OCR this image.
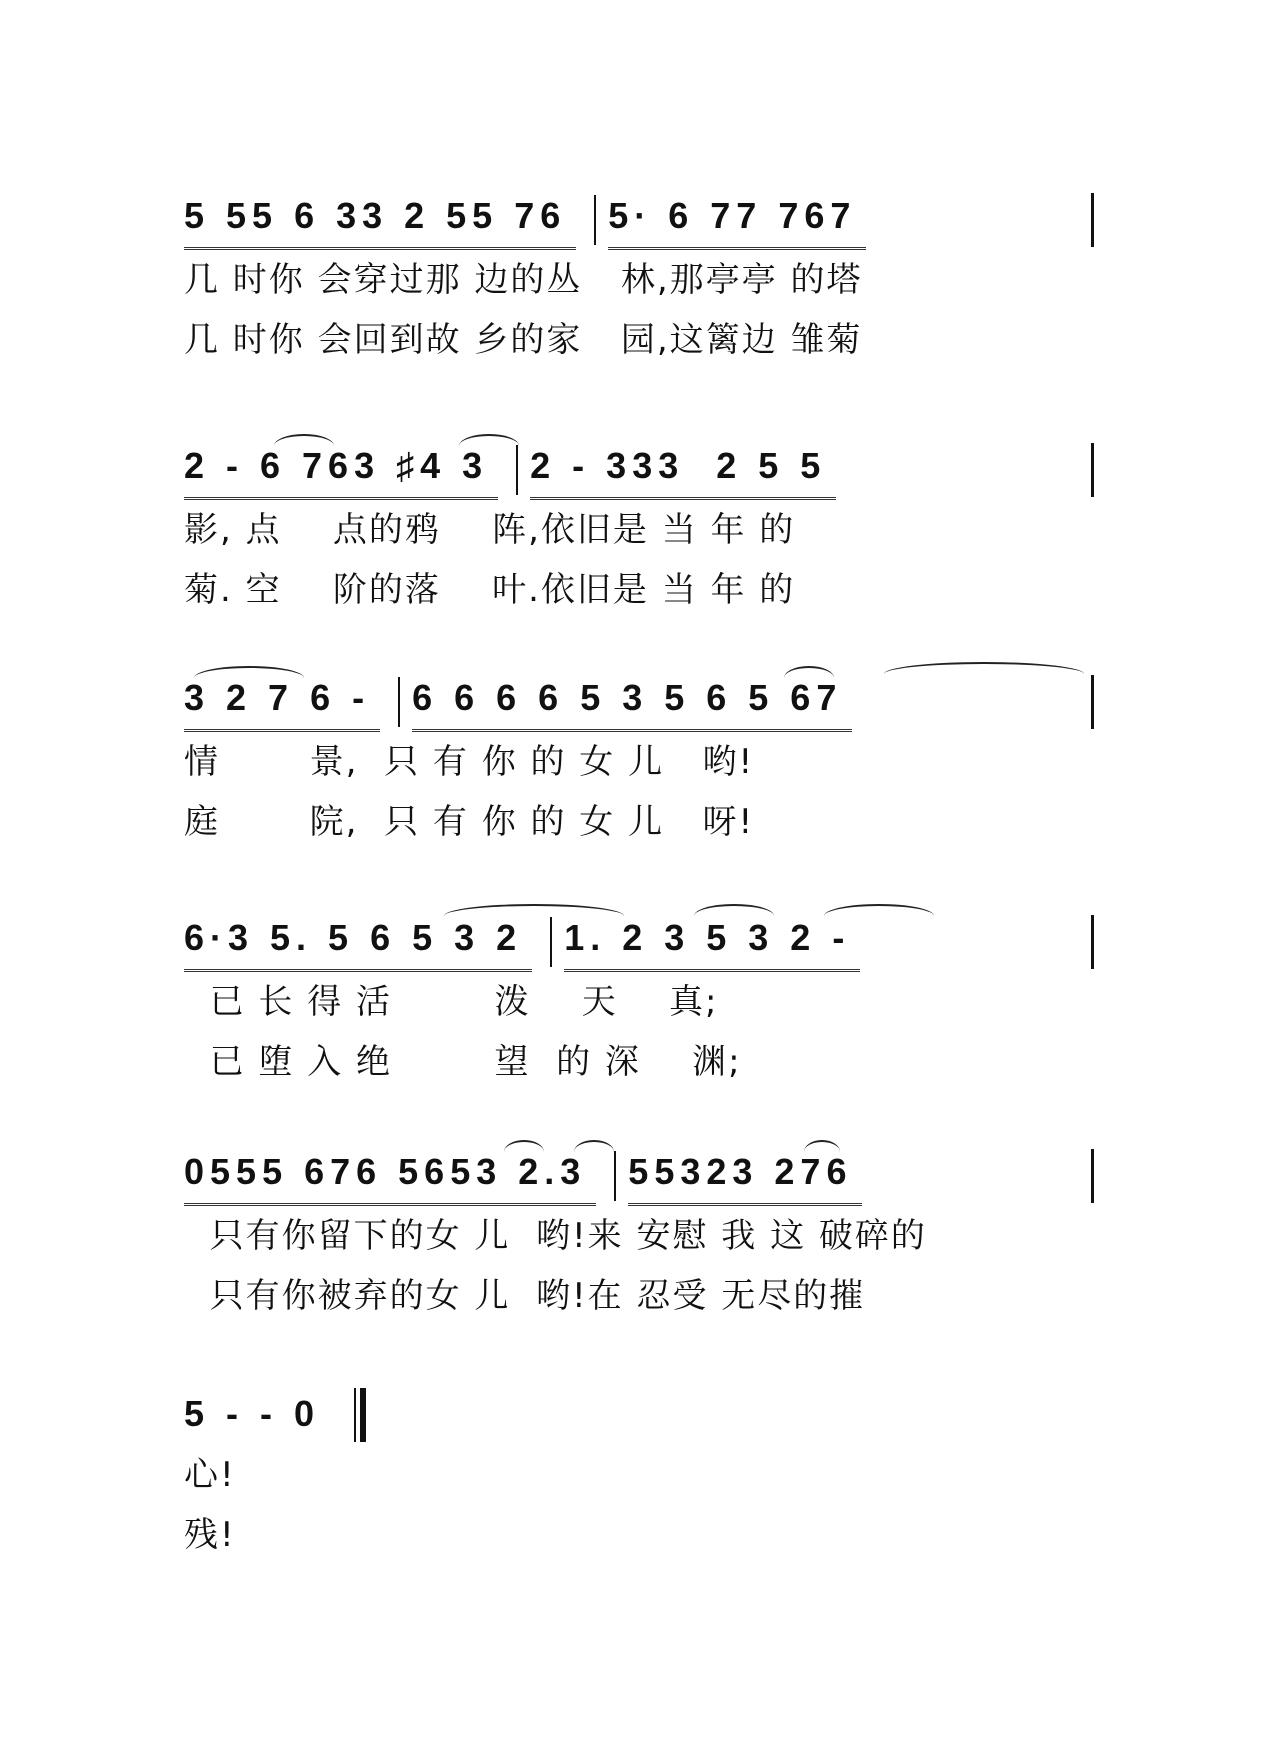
5 55 6 33 2 55 76 5· 6 77 767
几 时你 会穿过那 边的丛   林,那亭亭 的塔
几 时你 会回到故 乡的家   园,这篱边 雏菊
2 - 6 763 ♯4 3 2 - 333  2 5 5
影, 点    点的鸦    阵,依旧是 当 年 的
菊. 空    阶的落    叶.依旧是 当 年 的
3 2 7 6 - 6 6 6 6 5 3 5 6 5 67
情       景,  只 有 你 的 女 儿   哟!
庭       院,  只 有 你 的 女 儿   呀!
6·3 5. 5 6 5 3 2 1. 2 3 5 3 2 -
已 长 得 活        泼    天    真;
已 堕 入 绝        望  的 深    渊;
0555 676 5653 2.3 55323 276
只有你留下的女 儿  哟!来 安慰 我 这 破碎的
只有你被弃的女 儿  哟!在 忍受 无尽的摧
5 - - 0
心!
残!
